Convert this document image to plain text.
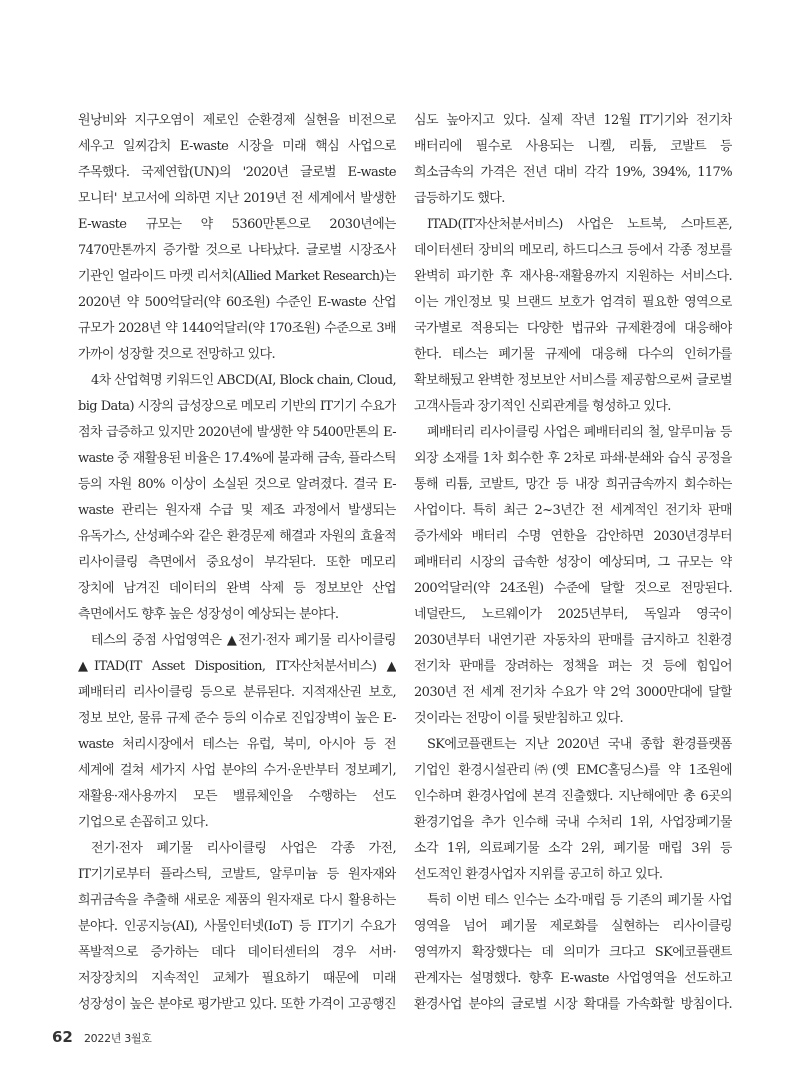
원낭비와 지구오염이 제로인 순환경제 실현을 비전으로 세우고 일찌감치 E-waste 시장을 미래 핵심 사업으로 주목했다. 국제연합(UN)의 '2020년 글로벌 E-waste 모니터' 보고서에 의하면 지난 2019년 전 세계에서 발생한 E-waste 규모는 약 5360만톤으로 2030년에는 7470만톤까지 증가할 것으로 나타났다. 글로벌 시장조사 기관인 얼라이드 마켓 리서치(Allied Market Research)는 2020년 약 500억달러(약 60조원) 수준인 E-waste 산업 규모가 2028년 약 1440억달러(약 170조원) 수준으로 3배 가까이 성장할 것으로 전망하고 있다.

4차 산업혁명 키워드인 ABCD(AI, Block chain, Cloud, big Data) 시장의 급성장으로 메모리 기반의 IT기기 수요가 점차 급증하고 있지만 2020년에 발생한 약 5400만톤의 E-waste 중 재활용된 비율은 17.4%에 불과해 금속, 플라스틱 등의 자원 80% 이상이 소실된 것으로 알려졌다. 결국 E-waste 관리는 원자재 수급 및 제조 과정에서 발생되는 유독가스, 산성폐수와 같은 환경문제 해결과 자원의 효율적 리사이클링 측면에서 중요성이 부각된다. 또한 메모리 장치에 남겨진 데이터의 완벽 삭제 등 정보보안 산업 측면에서도 향후 높은 성장성이 예상되는 분야다.

테스의 중점 사업영역은 ▲전기·전자 폐기물 리사이클링 ▲ITAD(IT Asset Disposition, IT자산처분서비스) ▲폐배터리 리사이클링 등으로 분류된다. 지적재산권 보호, 정보 보안, 물류 규제 준수 등의 이슈로 진입장벽이 높은 E-waste 처리시장에서 테스는 유럽, 북미, 아시아 등 전 세계에 걸쳐 세가지 사업 분야의 수거·운반부터 정보폐기, 재활용·재사용까지 모든 밸류체인을 수행하는 선도 기업으로 손꼽히고 있다.

전기·전자 폐기물 리사이클링 사업은 각종 가전, IT기기로부터 플라스틱, 코발트, 알루미늄 등 원자재와 희귀금속을 추출해 새로운 제품의 원자재로 다시 활용하는 분야다. 인공지능(AI), 사물인터넷(IoT) 등 IT기기 수요가 폭발적으로 증가하는 데다 데이터센터의 경우 서버·저장장치의 지속적인 교체가 필요하기 때문에 미래 성장성이 높은 분야로 평가받고 있다. 또한 가격이 고공행진

심도 높아지고 있다. 실제 작년 12월 IT기기와 전기차 배터리에 필수로 사용되는 니켈, 리튬, 코발트 등 희소금속의 가격은 전년 대비 각각 19%, 394%, 117% 급등하기도 했다.

ITAD(IT자산처분서비스) 사업은 노트북, 스마트폰, 데이터센터 장비의 메모리, 하드디스크 등에서 각종 정보를 완벽히 파기한 후 재사용·재활용까지 지원하는 서비스다. 이는 개인정보 및 브랜드 보호가 엄격히 필요한 영역으로 국가별로 적용되는 다양한 법규와 규제환경에 대응해야 한다. 테스는 폐기물 규제에 대응해 다수의 인허가를 확보해뒀고 완벽한 정보보안 서비스를 제공함으로써 글로벌 고객사들과 장기적인 신뢰관계를 형성하고 있다.

폐배터리 리사이클링 사업은 폐배터리의 철, 알루미늄 등 외장 소재를 1차 회수한 후 2차로 파쇄·분쇄와 습식 공정을 통해 리튬, 코발트, 망간 등 내장 희귀금속까지 회수하는 사업이다. 특히 최근 2~3년간 전 세계적인 전기차 판매 증가세와 배터리 수명 연한을 감안하면 2030년경부터 폐배터리 시장의 급속한 성장이 예상되며, 그 규모는 약 200억달러(약 24조원) 수준에 달할 것으로 전망된다. 네덜란드, 노르웨이가 2025년부터, 독일과 영국이 2030년부터 내연기관 자동차의 판매를 금지하고 친환경 전기차 판매를 장려하는 정책을 펴는 것 등에 힘입어 2030년 전 세계 전기차 수요가 약 2억 3000만대에 달할 것이라는 전망이 이를 뒷받침하고 있다.

SK에코플랜트는 지난 2020년 국내 종합 환경플랫폼 기업인 환경시설관리㈜(옛 EMC홀딩스)를 약 1조원에 인수하며 환경사업에 본격 진출했다. 지난해에만 총 6곳의 환경기업을 추가 인수해 국내 수처리 1위, 사업장폐기물 소각 1위, 의료폐기물 소각 2위, 폐기물 매립 3위 등 선도적인 환경사업자 지위를 공고히 하고 있다.

특히 이번 테스 인수는 소각·매립 등 기존의 폐기물 사업 영역을 넘어 폐기물 제로화를 실현하는 리사이클링 영역까지 확장했다는 데 의미가 크다고 SK에코플랜트 관계자는 설명했다. 향후 E-waste 사업영역을 선도하고 환경사업 분야의 글로벌 시장 확대를 가속화할 방침이다.

62 2022년 3월호
